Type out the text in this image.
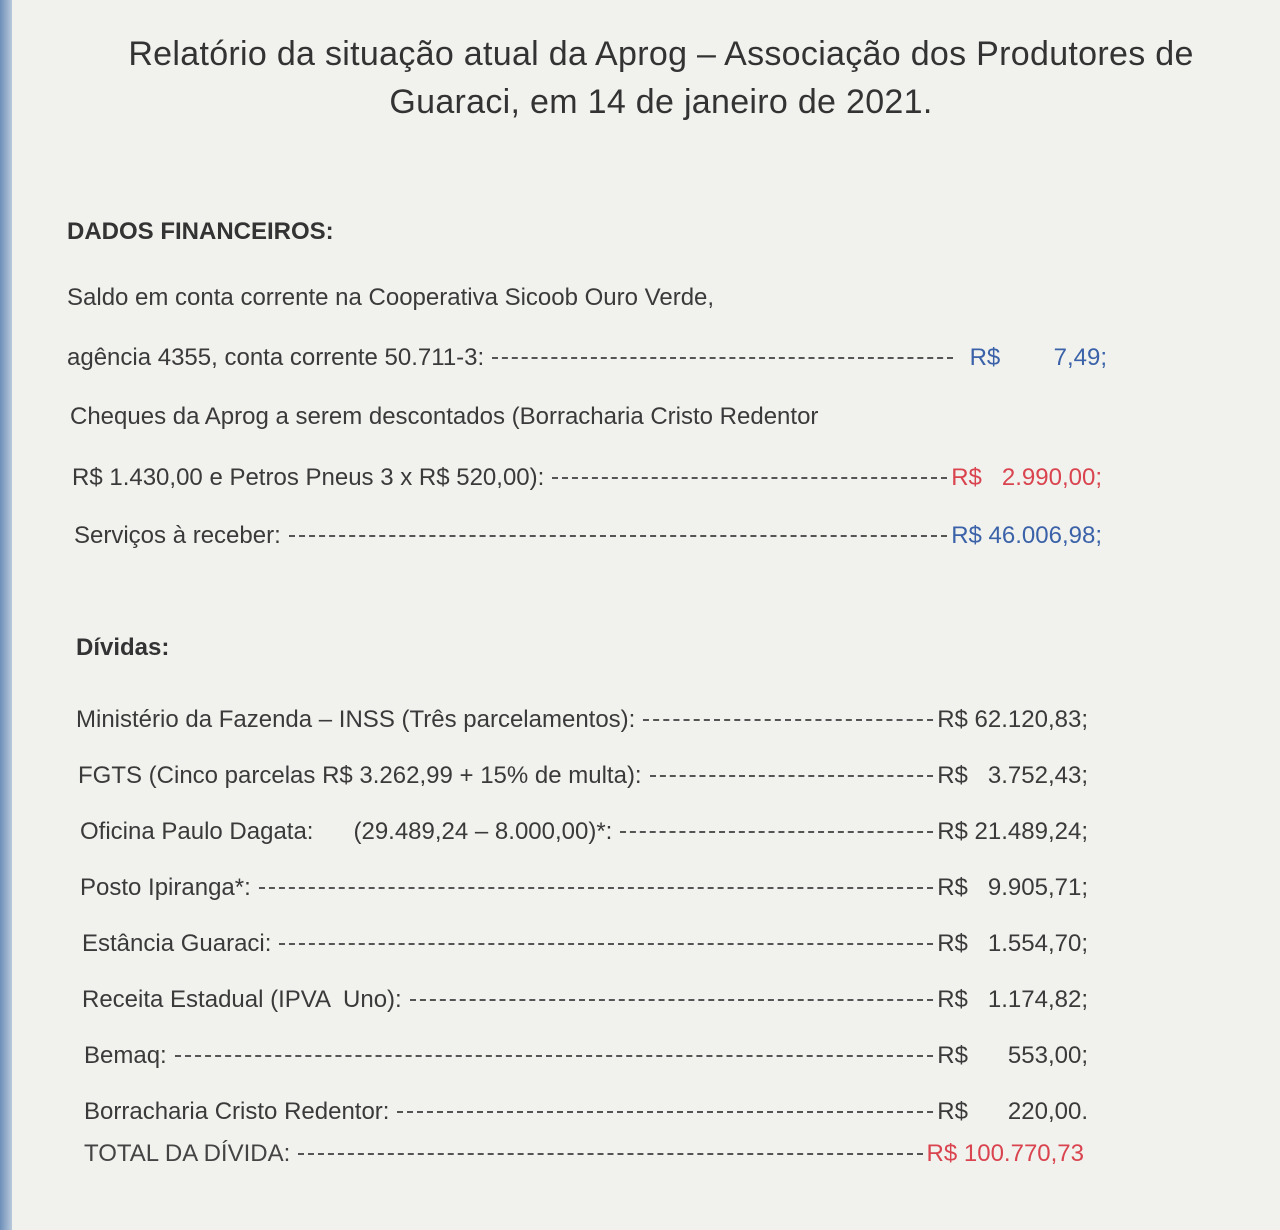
Relatório da situação atual da Aprog – Associação dos Produtores de Guaraci, em 14 de janeiro de 2021.
DADOS FINANCEIROS:
Saldo em conta corrente na Cooperativa Sicoob Ouro Verde,
agência 4355, conta corrente 50.711-3:	R$        7,49;
Cheques da Aprog a serem descontados (Borracharia Cristo Redentor
R$ 1.430,00 e Petros Pneus 3 x R$ 520,00):	R$   2.990,00;
Serviços à receber:	R$ 46.006,98;
Dívidas:
Ministério da Fazenda – INSS (Três parcelamentos):	R$ 62.120,83;
FGTS (Cinco parcelas R$ 3.262,99 + 15% de multa):	R$   3.752,43;
Oficina Paulo Dagata:      (29.489,24 – 8.000,00)*:	R$ 21.489,24;
Posto Ipiranga*:	R$   9.905,71;
Estância Guaraci:	R$   1.554,70;
Receita Estadual (IPVA  Uno):	R$   1.174,82;
Bemaq:	R$      553,00;
Borracharia Cristo Redentor:	R$      220,00.
TOTAL DA DÍVIDA:	R$ 100.770,73
